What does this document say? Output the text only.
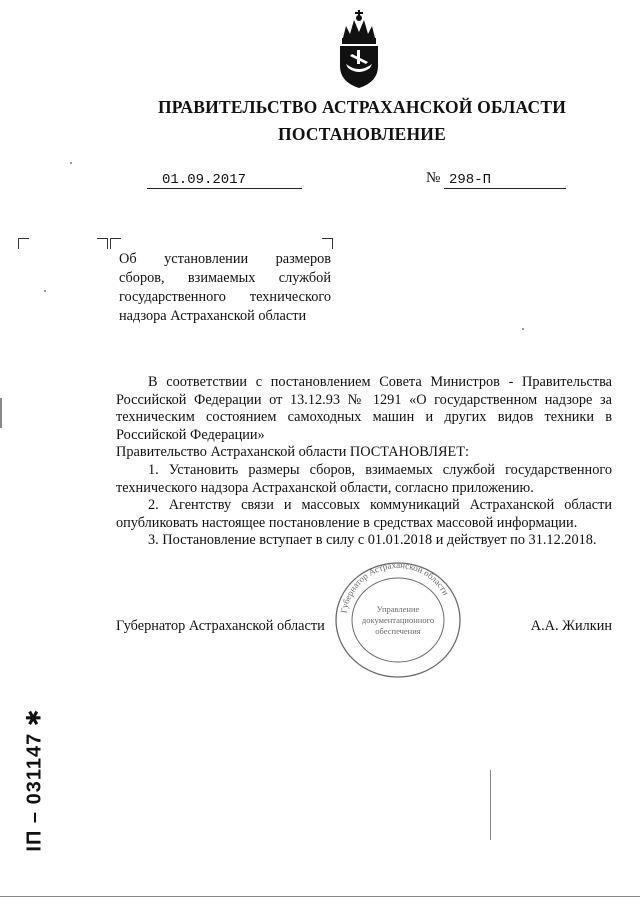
ПРАВИТЕЛЬСТВО АСТРАХАНСКОЙ ОБЛАСТИ
ПОСТАНОВЛЕНИЕ
01.09.2017	№ 298-П
Об установлении размеров
сборов, взимаемых службой
государственного технического
надзора Астраханской области

В соответствии с постановлением Совета Министров - Правительства Российской Федерации от 13.12.93 № 1291 «О государственном надзоре за техническим состоянием самоходных машин и других видов техники в Российской Федерации»

Правительство Астраханской области ПОСТАНОВЛЯЕТ:

1. Установить размеры сборов, взимаемых службой государственного технического надзора Астраханской области, согласно приложению.

2. Агентству связи и массовых коммуникаций Астраханской области опубликовать настоящее постановление в средствах массовой информации.

3. Постановление вступает в силу с 01.01.2018 и действует по 31.12.2018.

Губернатор Астраханской области	А.А. Жилкин
Губернатор Астраханской области
Управление
документационного
обеспечения
ІП – 031147 ✱
